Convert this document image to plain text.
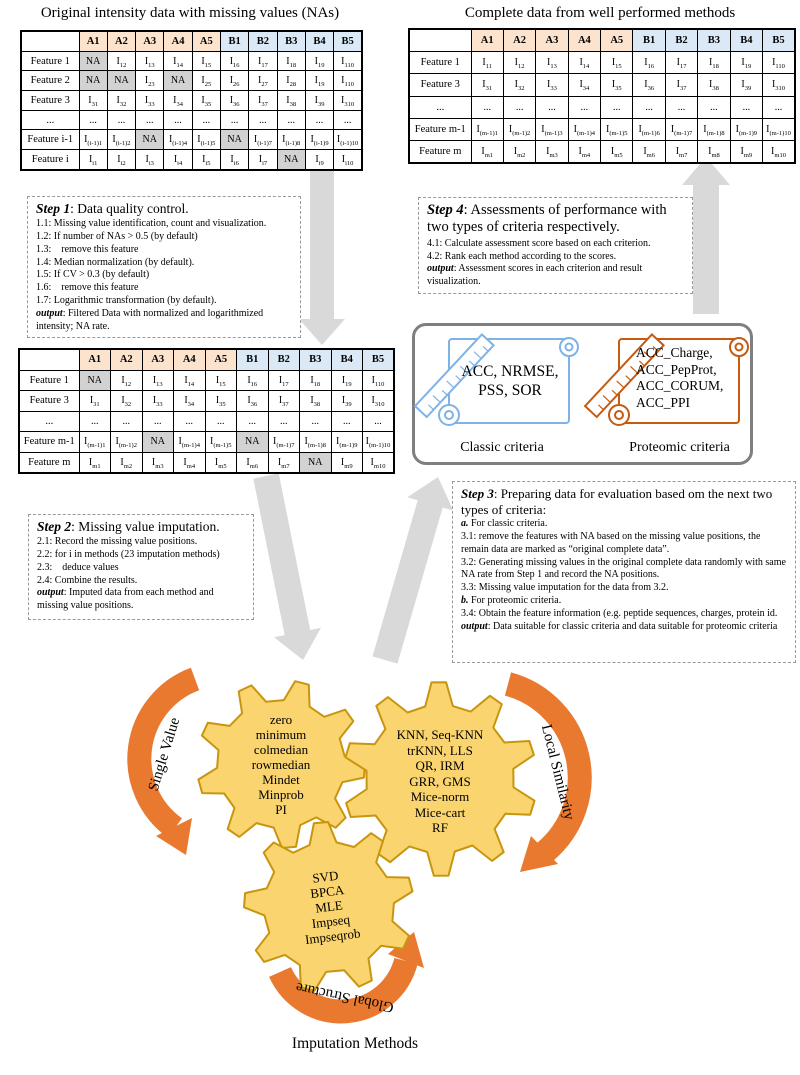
Original intensity data with missing values (NAs)	Complete data from well performed methods
	A1	A2	A3	A4	A5	B1	B2	B3	B4	B5
Feature 1	NA	$I_{12}$	$I_{13}$	$I_{14}$	$I_{15}$	$I_{16}$	$I_{17}$	$I_{18}$	$I_{19}$	$I_{110}$
Feature 2	NA	NA	$I_{23}$	NA	$I_{25}$	$I_{26}$	$I_{27}$	$I_{28}$	$I_{19}$	$I_{110}$
Feature 3	$I_{31}$	$I_{32}$	$I_{33}$	$I_{34}$	$I_{35}$	$I_{36}$	$I_{37}$	$I_{38}$	$I_{39}$	$I_{310}$
...	...	...	...	...	...	...	...	...	...	...
Feature i-1	$I_{(i-1)1}$	$I_{(i-1)2}$	NA	$I_{(i-1)4}$	$I_{(i-1)5}$	NA	$I_{(i-1)7}$	$I_{(i-1)8}$	$I_{(i-1)9}$	$I_{(i-1)10}$
Feature i	$I_{i1}$	$I_{i2}$	$I_{i3}$	$I_{i4}$	$I_{i5}$	$I_{i6}$	$I_{i7}$	NA	$I_{i9}$	$I_{i10}$
	A1	A2	A3	A4	A5	B1	B2	B3	B4	B5
Feature 1	$I_{11}$	$I_{12}$	$I_{13}$	$I_{14}$	$I_{15}$	$I_{16}$	$I_{17}$	$I_{18}$	$I_{19}$	$I_{110}$
Feature 3	$I_{31}$	$I_{32}$	$I_{33}$	$I_{34}$	$I_{35}$	$I_{36}$	$I_{37}$	$I_{38}$	$I_{39}$	$I_{310}$
...	...	...	...	...	...	...	...	...	...	...
Feature m-1	$I_{(m-1)1}$	$I_{(m-1)2}$	$I_{(m-1)3}$	$I_{(m-1)4}$	$I_{(m-1)5}$	$I_{(m-1)6}$	$I_{(m-1)7}$	$I_{(m-1)8}$	$I_{(m-1)9}$	$I_{(m-1)10}$
Feature m	$I_{m1}$	$I_{m2}$	$I_{m3}$	$I_{m4}$	$I_{m5}$	$I_{m6}$	$I_{m7}$	$I_{m8}$	$I_{m9}$	$I_{m10}$
	A1	A2	A3	A4	A5	B1	B2	B3	B4	B5
Feature 1	NA	$I_{12}$	$I_{13}$	$I_{14}$	$I_{15}$	$I_{16}$	$I_{17}$	$I_{18}$	$I_{19}$	$I_{110}$
Feature 3	$I_{31}$	$I_{32}$	$I_{33}$	$I_{34}$	$I_{35}$	$I_{36}$	$I_{37}$	$I_{38}$	$I_{39}$	$I_{310}$
...	...	...	...	...	...	...	...	...	...	...
Feature m-1	$I_{(m-1)1}$	$I_{(m-1)2}$	NA	$I_{(m-1)4}$	$I_{(m-1)5}$	NA	$I_{(m-1)7}$	$I_{(m-1)8}$	$I_{(m-1)9}$	$I_{(m-1)10}$
Feature m	$I_{m1}$	$I_{m2}$	$I_{m3}$	$I_{m4}$	$I_{m5}$	$I_{m6}$	$I_{m7}$	NA	$I_{m9}$	$I_{m10}$
Step 1: Data quality control.
1.1: Missing value identification, count and visualization.
1.2: If number of NAs > 0.5 (by default)
1.3:    remove this feature
1.4: Median normalization (by default).
1.5: If CV > 0.3 (by default)
1.6:    remove this feature
1.7: Logarithmic transformation (by default).
output: Filtered Data with normalized and logarithmized intensity; NA rate.
Step 4: Assessments of performance with two types of criteria respectively.
4.1: Calculate assessment score based on each criterion.
4.2: Rank each method according to the scores.
output: Assessment scores in each criterion and result visualization.
Step 2: Missing value imputation.
2.1: Record the missing value positions.
2.2: for i in methods (23 imputation methods)
2.3:    deduce values
2.4: Combine the results.
output: Imputed data from each method and missing value positions.
Step 3: Preparing data for evaluation based om the next two types of criteria:
a. For classic criteria.
3.1: remove the features with NA based on the missing value positions, the remain data are marked as “original complete data”.
3.2: Generating missing values in the original complete data randomly with same NA rate from Step 1 and record the NA positions.
3.3: Missing value imputation for the data from 3.2.
b. For proteomic criteria.
3.4: Obtain the feature information (e.g. peptide sequences, charges, protein id.
output: Data suitable for classic criteria and data suitable for proteomic criteria
ACC, NRMSE,
PSS, SOR
ACC_Charge,
ACC_PepProt,
ACC_CORUM,
ACC_PPI
Classic criteria	Proteomic criteria
zero
minimum
colmedian
rowmedian
Mindet
Minprob
PI
KNN, Seq-KNN
trKNN, LLS
QR, IRM
GRR, GMS
Mice-norm
Mice-cart
RF
SVD
BPCA
MLE
Impseq
Impseqrob
Single Value	Local Similarity
Global Structure
Imputation Methods
